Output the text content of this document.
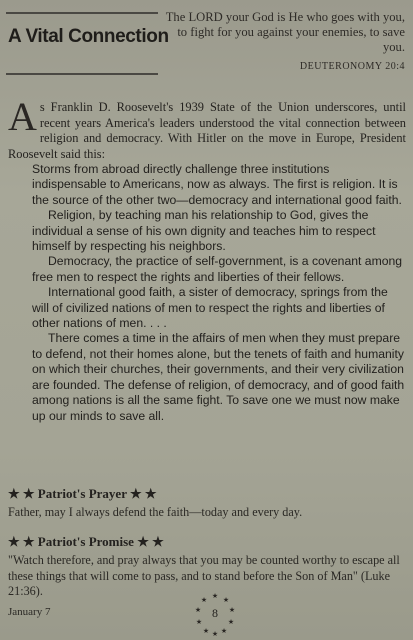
A Vital Connection
The LORD your God is He who goes with you, to fight for you against your enemies, to save you.
DEUTERONOMY 20:4

As Franklin D. Roosevelt's 1939 State of the Union underscores, until recent years America's leaders understood the vital connection between religion and democracy. With Hitler on the move in Europe, President Roosevelt said this:

Storms from abroad directly challenge three institutions indispensable to Americans, now as always. The first is religion. It is the source of the other two—democracy and international good faith.

Religion, by teaching man his relationship to God, gives the individual a sense of his own dignity and teaches him to respect himself by respecting his neighbors.

Democracy, the practice of self-government, is a covenant among free men to respect the rights and liberties of their fellows.

International good faith, a sister of democracy, springs from the will of civilized nations of men to respect the rights and liberties of other nations of men. . . .

There comes a time in the affairs of men when they must prepare to defend, not their homes alone, but the tenets of faith and humanity on which their churches, their governments, and their very civilization are founded. The defense of religion, of democracy, and of good faith among nations is all the same fight. To save one we must now make up our minds to save all.

★ ★ Patriot's Prayer ★ ★
Father, may I always defend the faith—today and every day.
★ ★ Patriot's Promise ★ ★
"Watch therefore, and pray always that you may be counted worthy to escape all these things that will come to pass, and to stand before the Son of Man" (Luke 21:36).
January 7
★
★ ★
★	★
★	★
★ ★
★
8
